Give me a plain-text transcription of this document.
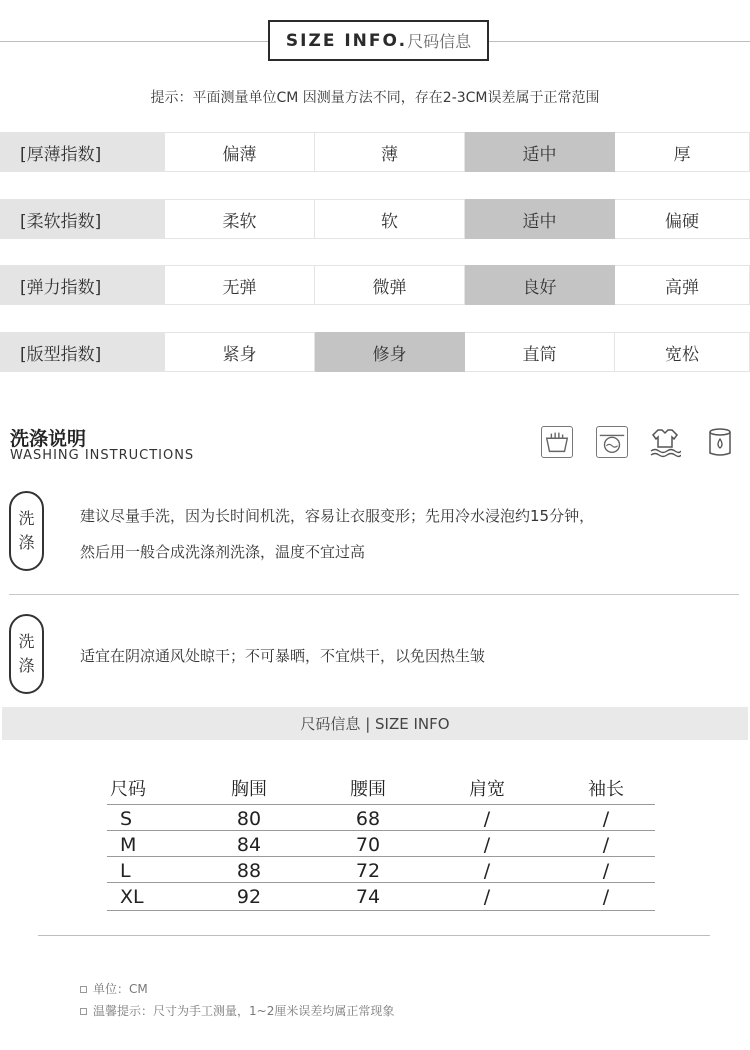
SIZE INFO. 尺码信息
提示：平面测量单位CM 因测量方法不同，存在2-3CM误差属于正常范围
[厚薄指数]	偏薄	薄	适中	厚
[柔软指数]	柔软	软	适中	偏硬
[弹力指数]	无弹	微弹	良好	高弹
[版型指数]	紧身	修身	直筒	宽松
洗涤说明
WASHING INSTRUCTIONS
洗
涤
建议尽量手洗，因为长时间机洗，容易让衣服变形；先用冷水浸泡约15分钟，
然后用一般合成洗涤剂洗涤，温度不宜过高
洗
涤	适宜在阴凉通风处晾干；不可暴晒，不宜烘干，以免因热生皱
尺码信息 | SIZE INFO
尺码	胸围	腰围	肩宽	袖长
S	80	68	/	/
M	84	70	/	/
L	88	72	/	/
XL	92	74	/	/
单位：CM
温馨提示：尺寸为手工测量，1~2厘米误差均属正常现象
